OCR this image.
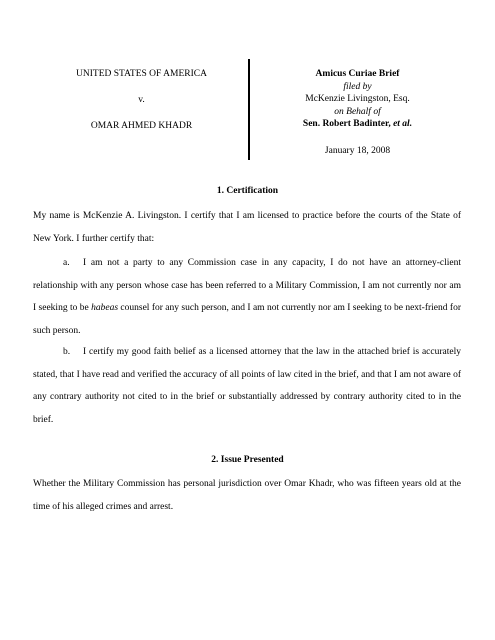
UNITED STATES OF AMERICA
v.
OMAR AHMED KHADR
Amicus Curiae Brief
filed by
McKenzie Livingston, Esq.
on Behalf of
Sen. Robert Badinter, et al.
January 18, 2008
1. Certification
My name is McKenzie A. Livingston. I certify that I am licensed to practice before the courts of the State of New York. I further certify that:
a. I am not a party to any Commission case in any capacity, I do not have an attorney-client relationship with any person whose case has been referred to a Military Commission, I am not currently nor am I seeking to be habeas counsel for any such person, and I am not currently nor am I seeking to be next-friend for such person.
b. I certify my good faith belief as a licensed attorney that the law in the attached brief is accurately stated, that I have read and verified the accuracy of all points of law cited in the brief, and that I am not aware of any contrary authority not cited to in the brief or substantially addressed by contrary authority cited to in the brief.
2. Issue Presented
Whether the Military Commission has personal jurisdiction over Omar Khadr, who was fifteen years old at the time of his alleged crimes and arrest.
